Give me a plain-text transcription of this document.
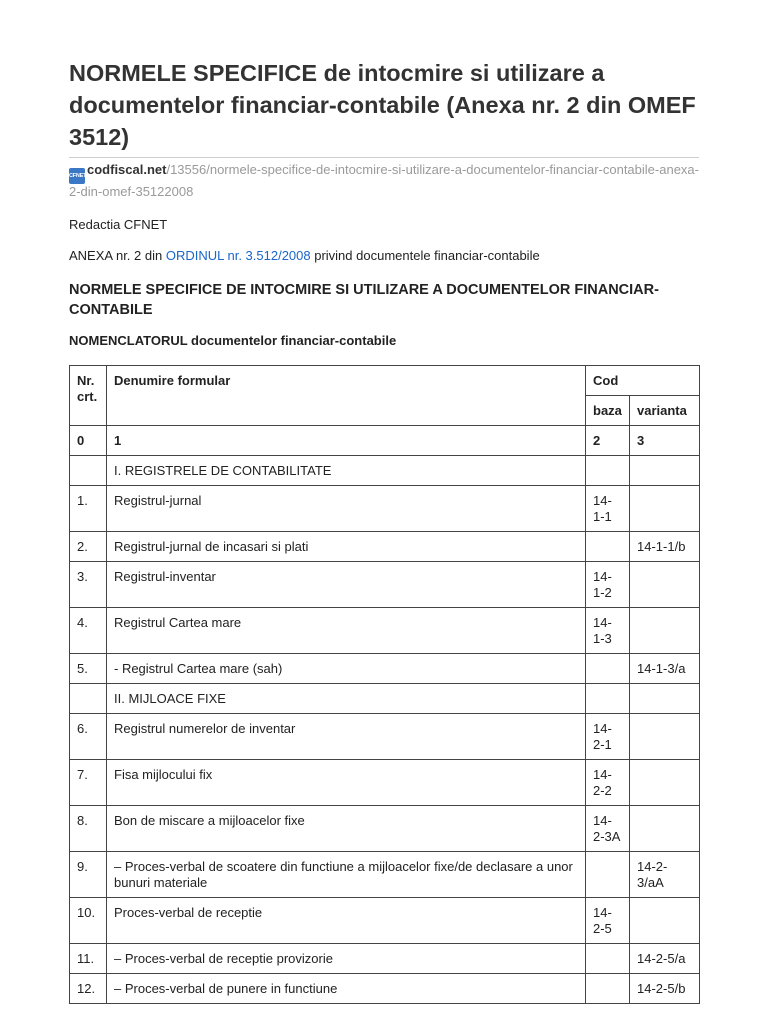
NORMELE SPECIFICE de intocmire si utilizare a documentelor financiar-contabile (Anexa nr. 2 din OMEF 3512)
CFNETcodfiscal.net/13556/normele-specifice-de-intocmire-si-utilizare-a-documentelor-financiar-contabile-anexa-2-din-omef-35122008
Redactia CFNET
ANEXA nr. 2 din ORDINUL nr. 3.512/2008 privind documentele financiar-contabile
NORMELE SPECIFICE DE INTOCMIRE SI UTILIZARE A DOCUMENTELOR FINANCIAR-CONTABILE
NOMENCLATORUL documentelor financiar-contabile
Nr. crt.	Denumire formular	Cod	
		baza	varianta
0	1	2	3
	I. REGISTRELE DE CONTABILITATE		
1.	Registrul-jurnal	14-1-1	
2.	Registrul-jurnal de incasari si plati		14-1-1/b
3.	Registrul-inventar	14-1-2	
4.	Registrul Cartea mare	14-1-3	
5.	- Registrul Cartea mare (sah)		14-1-3/a
	II. MIJLOACE FIXE		
6.	Registrul numerelor de inventar	14-2-1	
7.	Fisa mijlocului fix	14-2-2	
8.	Bon de miscare a mijloacelor fixe	14-2-3A	
9.	– Proces-verbal de scoatere din functiune a mijloacelor fixe/de declasare a unor bunuri materiale		14-2-3/aA
10.	Proces-verbal de receptie	14-2-5	
11.	– Proces-verbal de receptie provizorie		14-2-5/a
12.	– Proces-verbal de punere in functiune		14-2-5/b
